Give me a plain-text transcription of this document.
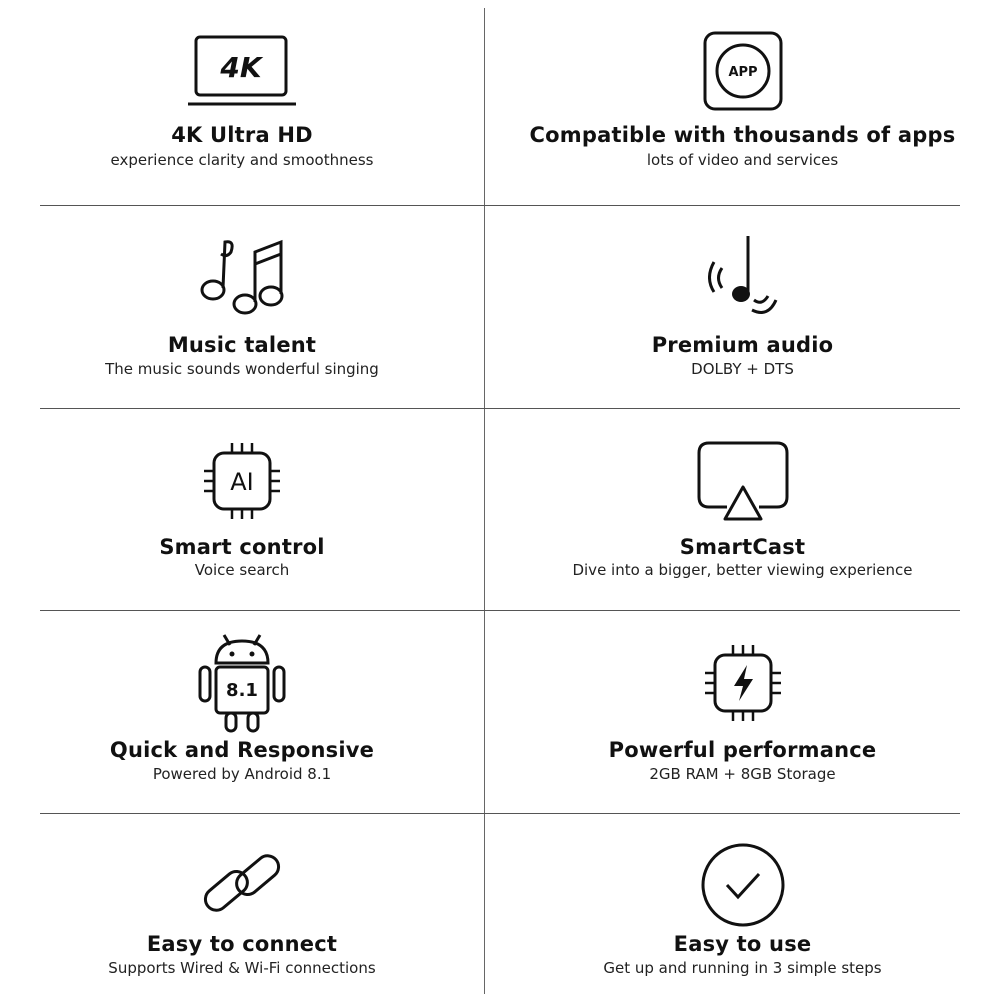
4K
4K Ultra HD
experience clarity and smoothness
APP
Compatible with thousands of apps
lots of video and services
Music talent
The music sounds wonderful singing
Premium audio
DOLBY + DTS
AI
Smart control
Voice search
SmartCast
Dive into a bigger, better viewing experience
8.1
Quick and Responsive
Powered by Android 8.1
Powerful performance
2GB RAM + 8GB Storage
Easy to connect
Supports Wired & Wi-Fi connections
Easy to use
Get up and running in 3 simple steps
